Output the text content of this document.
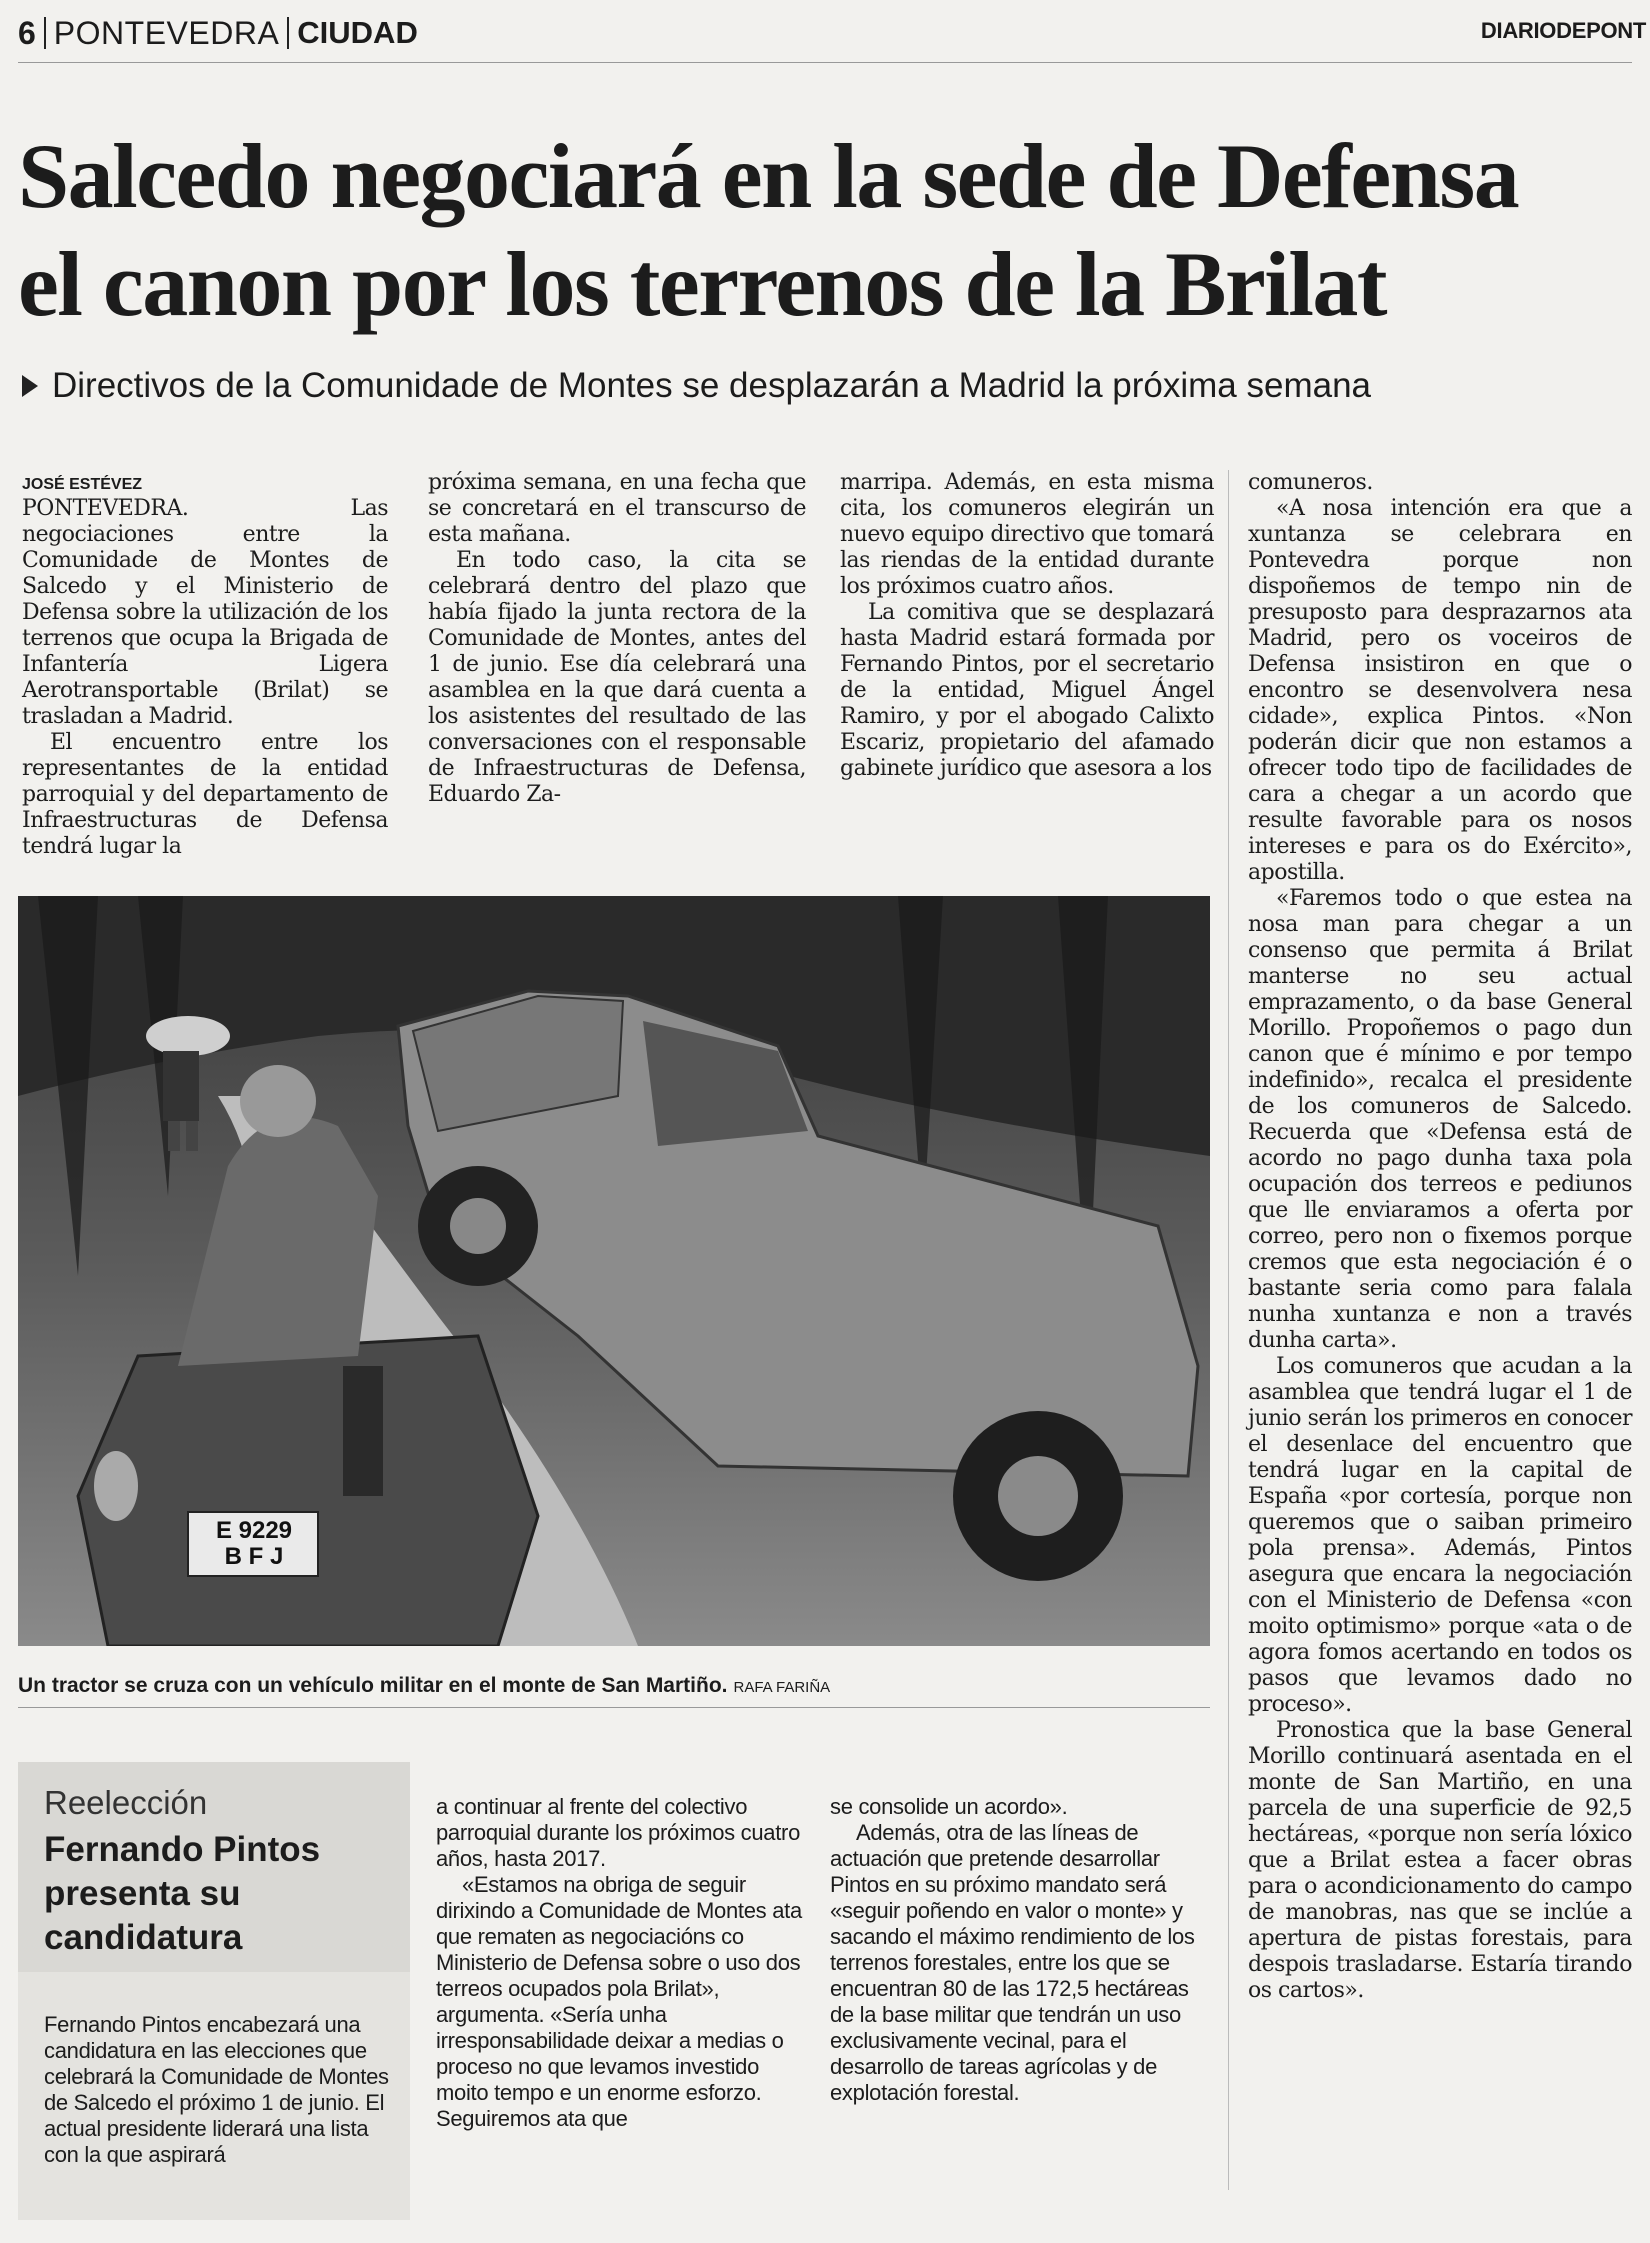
6 PONTEVEDRA CIUDAD	DIARIODEPONT
Salcedo negociará en la sede de Defensa
el canon por los terrenos de la Brilat
Directivos de la Comunidade de Montes se desplazarán a Madrid la próxima semana
JOSÉ ESTÉVEZ

PONTEVEDRA.	Las negociaciones entre la Comunidade de Montes de Salcedo y el Ministerio de Defensa sobre la utilización de los terrenos que ocupa la Brigada de Infantería Ligera Aerotransportable (Brilat) se trasladan a Madrid.

El encuentro entre los representantes de la entidad parroquial y del departamento de Infraestructuras de Defensa tendrá lugar la

próxima semana, en una fecha que se concretará en el transcurso de esta mañana.

En todo caso, la cita se celebrará dentro del plazo que había fijado la junta rectora de la Comunidade de Montes, antes del 1 de junio. Ese día celebrará una asamblea en la que dará cuenta a los asistentes del resultado de las conversaciones con el responsable de Infraestructuras de Defensa, Eduardo Za-

marripa. Además, en esta misma cita, los comuneros elegirán un nuevo equipo directivo que tomará las riendas de la entidad durante los próximos cuatro años.

La comitiva que se desplazará hasta Madrid estará formada por Fernando Pintos, por el secretario de la entidad, Miguel Ángel Ramiro, y por el abogado Calixto Escariz, propietario del afamado gabinete jurídico que asesora a los

comuneros.

«A nosa intención era que a xuntanza se celebrara en Pontevedra porque non dispoñemos de tempo nin de presuposto para desprazarnos ata Madrid, pero os voceiros de Defensa insistiron en que o encontro se desenvolvera nesa cidade», explica Pintos. «Non poderán dicir que non estamos a ofrecer todo tipo de facilidades de cara a chegar a un acordo que resulte favorable para os nosos intereses e para os do Exército», apostilla.

«Faremos todo o que estea na nosa man para chegar a un consenso que permita á Brilat manterse no seu actual emprazamento, o da base General Morillo. Propoñemos o pago dun canon que é mínimo e por tempo indefinido», recalca el presidente de los comuneros de Salcedo. Recuerda que «Defensa está de acordo no pago dunha taxa pola ocupación dos terreos e pediunos que lle enviaramos a oferta por correo, pero non o fixemos porque cremos que esta negociación é o bastante seria como para falala nunha xuntanza e non a través dunha carta».

Los comuneros que acudan a la asamblea que tendrá lugar el 1 de junio serán los primeros en conocer el desenlace del encuentro que tendrá lugar en la capital de España «por cortesía, porque non queremos que o saiban primeiro pola prensa». Además, Pintos asegura que encara la negociación con el Ministerio de Defensa «con moito optimismo» porque «ata o de agora fomos acertando en todos os pasos que levamos dado no proceso».

Pronostica que la base General Morillo continuará asentada en el monte de San Martiño, en una parcela de una superficie de 92,5 hectáreas, «porque non sería lóxico que a Brilat estea a facer obras para o acondicionamento do campo de manobras, nas que se inclúe a apertura de pistas forestais, para despois trasladarse. Estaría tirando os cartos».

E 9229
B F J
Un tractor se cruza con un vehículo militar en el monte de San Martiño. RAFA FARIÑA
Reelección
Fernando Pintos presenta su candidatura

Fernando Pintos encabezará una candidatura en las elecciones que celebrará la Comunidade de Montes de Salcedo el próximo 1 de junio. El actual presidente liderará una lista con la que aspirará

a continuar al frente del colectivo parroquial durante los próximos cuatro años, hasta 2017.

«Estamos na obriga de seguir dirixindo a Comunidade de Montes ata que rematen as negociacións co Ministerio de Defensa sobre o uso dos terreos ocupados pola Brilat», argumenta. «Sería unha irresponsabilidade deixar a medias o proceso no que levamos investido moito tempo e un enorme esforzo. Seguiremos ata que

se consolide un acordo».

Además, otra de las líneas de actuación que pretende desarrollar Pintos en su próximo mandato será «seguir poñendo en valor o monte» y sacando el máximo rendimiento de los terrenos forestales, entre los que se encuentran 80 de las 172,5 hectáreas de la base militar que tendrán un uso exclusivamente vecinal, para el desarrollo de tareas agrícolas y de explotación forestal.
